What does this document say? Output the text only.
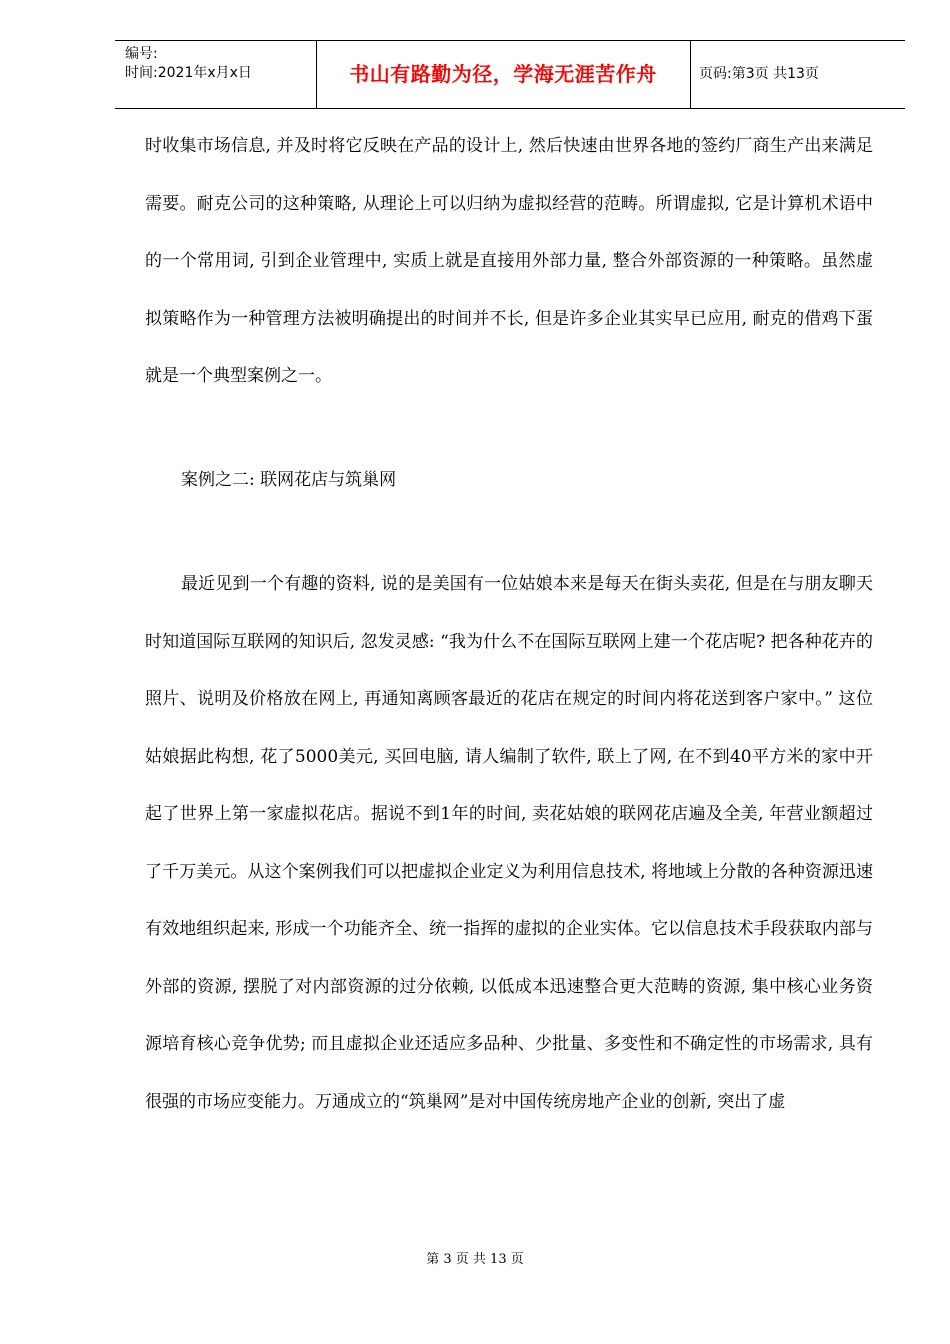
编号:
时间:2021年x月x日	书山有路勤为径，学海无涯苦作舟	页码:第3页 共13页

时收集市场信息, 并及时将它反映在产品的设计上, 然后快速由世界各地的签约厂商生产出来满足需要。耐克公司的这种策略, 从理论上可以归纳为虚拟经营的范畴。所谓虚拟, 它是计算机术语中的一个常用词, 引到企业管理中, 实质上就是直接用外部力量, 整合外部资源的一种策略。虽然虚拟策略作为一种管理方法被明确提出的时间并不长, 但是许多企业其实早已应用, 耐克的借鸡下蛋就是一个典型案例之一。

案例之二: 联网花店与筑巢网

最近见到一个有趣的资料, 说的是美国有一位姑娘本来是每天在街头卖花, 但是在与朋友聊天时知道国际互联网的知识后, 忽发灵感: “我为什么不在国际互联网上建一个花店呢? 把各种花卉的照片、说明及价格放在网上, 再通知离顾客最近的花店在规定的时间内将花送到客户家中。” 这位姑娘据此构想, 花了5000美元, 买回电脑, 请人编制了软件, 联上了网, 在不到40平方米的家中开起了世界上第一家虚拟花店。据说不到1年的时间, 卖花姑娘的联网花店遍及全美, 年营业额超过了千万美元。从这个案例我们可以把虚拟企业定义为利用信息技术, 将地域上分散的各种资源迅速有效地组织起来, 形成一个功能齐全、统一指挥的虚拟的企业实体。它以信息技术手段获取内部与外部的资源, 摆脱了对内部资源的过分依赖, 以低成本迅速整合更大范畴的资源, 集中核心业务资源培育核心竞争优势; 而且虚拟企业还适应多品种、少批量、多变性和不确定性的市场需求, 具有很强的市场应变能力。万通成立的“筑巢网”是对中国传统房地产企业的创新, 突出了虚

第 3 页 共 13 页
